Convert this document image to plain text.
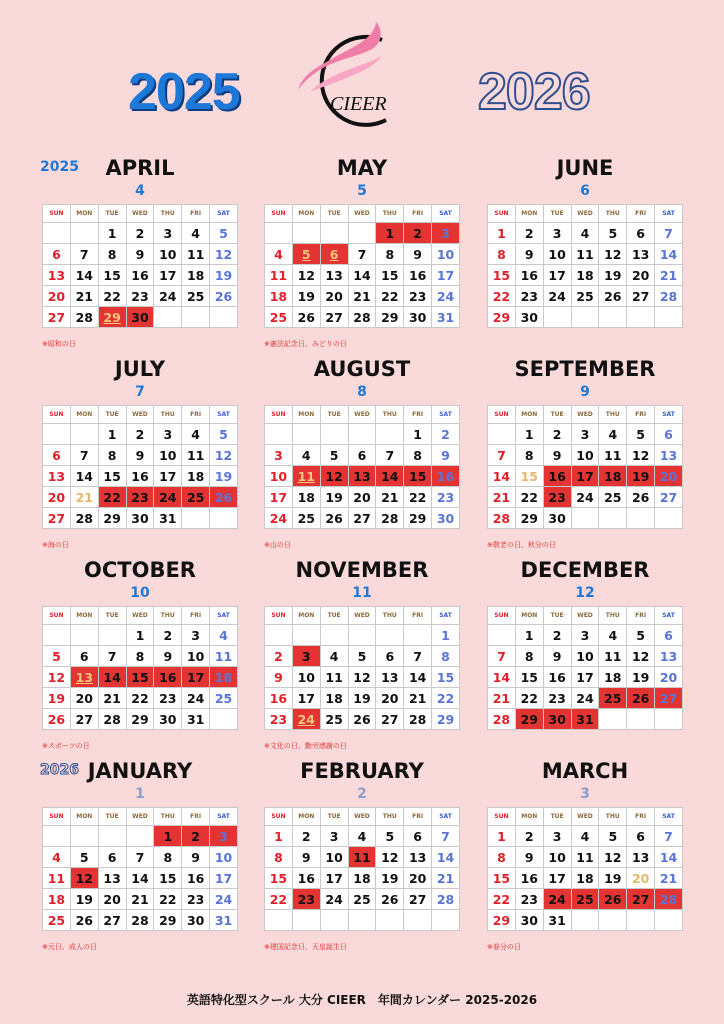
2025	2026
CIEER
APRIL
4
2025
SUN	MON	TUE	WED	THU	FRI	SAT
		1	2	3	4	5
6	7	8	9	10	11	12
13	14	15	16	17	18	19
20	21	22	23	24	25	26
27	28	29	30			
※昭和の日
MAY
5
SUN	MON	TUE	WED	THU	FRI	SAT
				1	2	3
4	5	6	7	8	9	10
11	12	13	14	15	16	17
18	19	20	21	22	23	24
25	26	27	28	29	30	31
※憲法記念日、みどりの日
JUNE
6
SUN	MON	TUE	WED	THU	FRI	SAT
1	2	3	4	5	6	7
8	9	10	11	12	13	14
15	16	17	18	19	20	21
22	23	24	25	26	27	28
29	30					
JULY
7
SUN	MON	TUE	WED	THU	FRI	SAT
		1	2	3	4	5
6	7	8	9	10	11	12
13	14	15	16	17	18	19
20	21	22	23	24	25	26
27	28	29	30	31		
※海の日
AUGUST
8
SUN	MON	TUE	WED	THU	FRI	SAT
					1	2
3	4	5	6	7	8	9
10	11	12	13	14	15	16
17	18	19	20	21	22	23
24	25	26	27	28	29	30
※山の日
SEPTEMBER
9
SUN	MON	TUE	WED	THU	FRI	SAT
	1	2	3	4	5	6
7	8	9	10	11	12	13
14	15	16	17	18	19	20
21	22	23	24	25	26	27
28	29	30				
※敬老の日、秋分の日
OCTOBER
10
SUN	MON	TUE	WED	THU	FRI	SAT
			1	2	3	4
5	6	7	8	9	10	11
12	13	14	15	16	17	18
19	20	21	22	23	24	25
26	27	28	29	30	31	
※スポーツの日
NOVEMBER
11
SUN	MON	TUE	WED	THU	FRI	SAT
						1
2	3	4	5	6	7	8
9	10	11	12	13	14	15
16	17	18	19	20	21	22
23	24	25	26	27	28	29
※文化の日、勤労感謝の日
DECEMBER
12
SUN	MON	TUE	WED	THU	FRI	SAT
	1	2	3	4	5	6
7	8	9	10	11	12	13
14	15	16	17	18	19	20
21	22	23	24	25	26	27
28	29	30	31			
JANUARY
1
2026
SUN	MON	TUE	WED	THU	FRI	SAT
				1	2	3
4	5	6	7	8	9	10
11	12	13	14	15	16	17
18	19	20	21	22	23	24
25	26	27	28	29	30	31
※元日、成人の日
FEBRUARY
2
SUN	MON	TUE	WED	THU	FRI	SAT
1	2	3	4	5	6	7
8	9	10	11	12	13	14
15	16	17	18	19	20	21
22	23	24	25	26	27	28

※建国記念日、天皇誕生日
MARCH
3
SUN	MON	TUE	WED	THU	FRI	SAT
1	2	3	4	5	6	7
8	9	10	11	12	13	14
15	16	17	18	19	20	21
22	23	24	25	26	27	28
29	30	31				
※春分の日
英語特化型スクール 大分 CIEER　年間カレンダー 2025-2026
